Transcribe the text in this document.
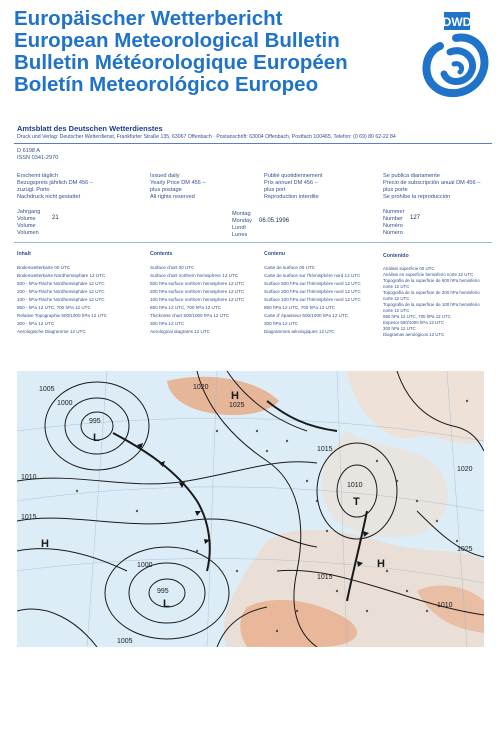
Europäischer Wetterbericht
European Meteorological Bulletin
Bulletin Météorologique Européen
Boletín Meteorológico Europeo
DWD
Amtsblatt des Deutschen Wetterdienstes
Druck und Verlag: Deutscher Wetterdienst, Frankfurter Straße 135, 63067 Offenbach · Postanschrift: 63004 Offenbach, Postfach 100465, Telefon: (0 69) 80 62-22 84
D 6198 A
ISSN 0341-2970
Erscheint täglich
Bezugspreis jährlich DM 456 –
zuzügl. Porto
Nachdruck nicht gestattet
Issued daily
Yearly Price DM 456 –
plus postage
All rights reserved
Publié quotidiennement
Prix annuel DM 456 –
plus port
Reproduction interdite
Se publica diariamente
Precio de subscripción anual DM 456 –
plus porte
Se prohíbe la reproducción
Jahrgang
Volume
Volume
Volumen
21
Montag
Monday
Lundi
Lunes
06.05.1996
Nummer
Number
Numéro
Número
127
Inhalt
Bodenwetterkarte 00 UTC
Bodenwetterkarte Nordhemisphäre 12 UTC
500 - hPa-Fläche Nordhemisphäre 12 UTC
200 - hPa-Fläche Nordhemisphäre 12 UTC
100 - hPa-Fläche Nordhemisphäre 12 UTC
850 - hPa 12 UTC, 700 hPa 12 UTC
Relative Topographie 500/1000 hPa 12 UTC
300 - hPa 12 UTC
Aerologische Diagramme 12 UTC
Contents
Surface chart 00 UTC
Surface chart northern hemisphere 12 UTC
500 hPa surface northern hemisphere 12 UTC
200 hPa surface northern hemisphere 12 UTC
100 hPa surface northern hemisphere 12 UTC
850 hPa 12 UTC, 700 hPa 12 UTC
Thickness chart 500/1000 hPa 12 UTC
300 hPa 12 UTC
Aerological diagrams 12 UTC
Contenu
Carte de surface 00 UTC
Carte de surface sur l'hémisphère nord 12 UTC
Surface 500 hPa sur l'hémisphère nord 12 UTC
Surface 200 hPa sur l'hémisphère nord 12 UTC
Surface 100 hPa sur l'hémisphère nord 12 UTC
850 hPa 12 UTC, 700 hPa 12 UTC
Carte d' épaisseur 500/1000 hPa 12 UTC
300 hPa 12 UTC
Diagrammes aérologiques 12 UTC
Contenido
Análisis superficie 00 UTC
Análisis en superficie hemisferio norte 12 UTC
Topografía de la superficie de 500 hPa hemisferio norte 12 UTC
Topografía de la superficie de 200 hPa hemisferio norte 12 UTC
Topografía de la superficie de 100 hPa hemisferio norte 12 UTC
850 hPa 12 UTC, 700 hPa 12 UTC
Espesor 500/1000 hPa 12 UTC
300 hPa 12 UTC
Diagramas aerológicos 12 UTC
995
1000
1005
1010
1015
1020
1025
995
1000
1005
1010
1015
1020
1025
1015
1010
H
L
H
L
T
H
